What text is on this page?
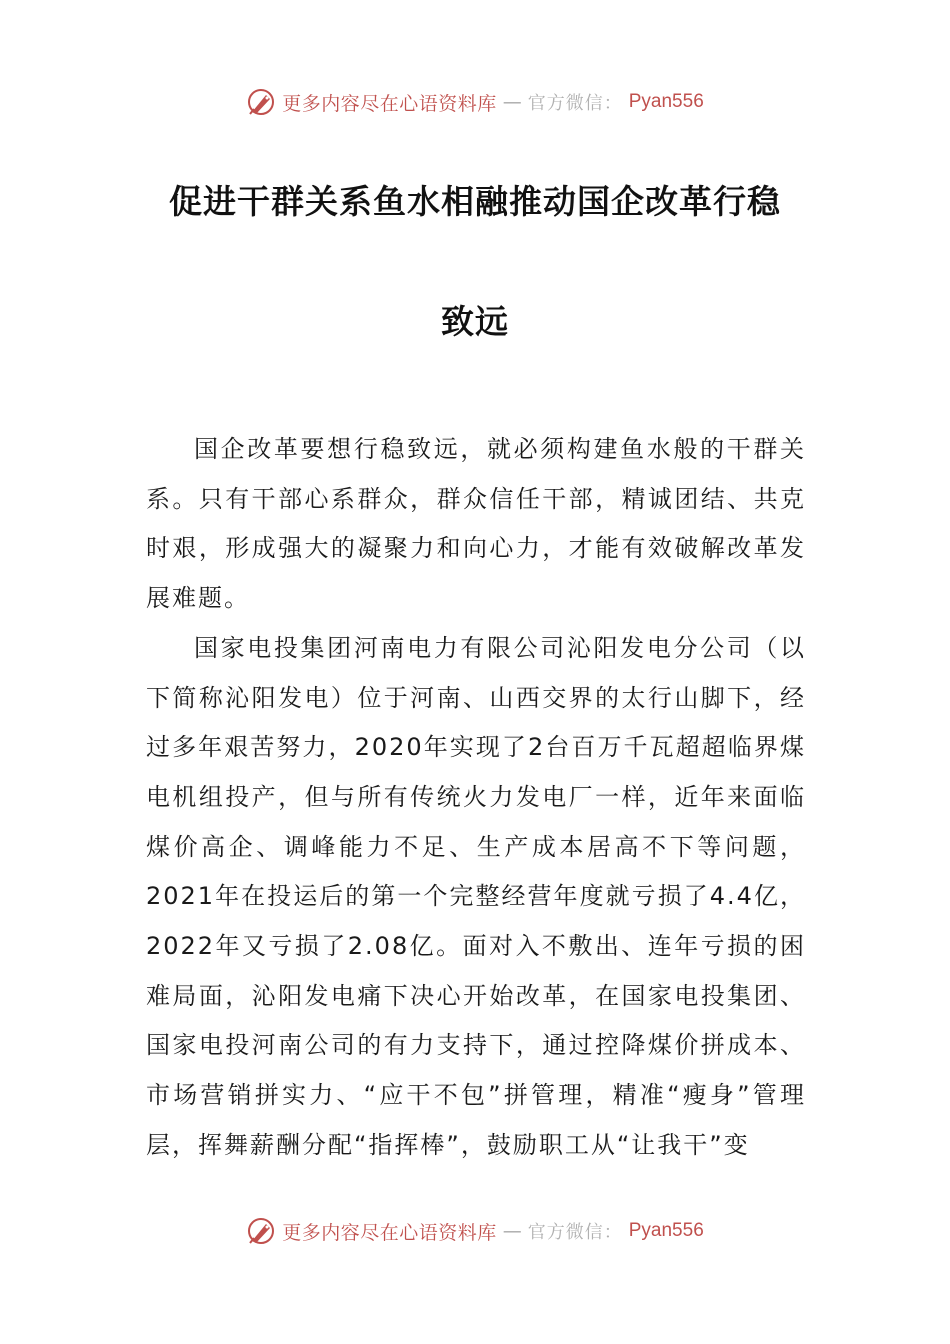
更多内容尽在心语资料库 — 官方微信： Pyan556
促进干群关系鱼水相融推动国企改革行稳
致远

国企改革要想行稳致远，就必须构建鱼水般的干群关系。只有干部心系群众，群众信任干部，精诚团结、共克时艰，形成强大的凝聚力和向心力，才能有效破解改革发展难题。

国家电投集团河南电力有限公司沁阳发电分公司（以下简称沁阳发电）位于河南、山西交界的太行山脚下，经过多年艰苦努力，2020年实现了2台百万千瓦超超临界煤电机组投产，但与所有传统火力发电厂一样，近年来面临煤价高企、调峰能力不足、生产成本居高不下等问题，2021年在投运后的第一个完整经营年度就亏损了4.4亿，2022年又亏损了2.08亿。面对入不敷出、连年亏损的困难局面，沁阳发电痛下决心开始改革，在国家电投集团、国家电投河南公司的有力支持下，通过控降煤价拼成本、市场营销拼实力、“应干不包”拼管理，精准“瘦身”管理层，挥舞薪酬分配“指挥棒”，鼓励职工从“让我干”变

更多内容尽在心语资料库 — 官方微信： Pyan556
